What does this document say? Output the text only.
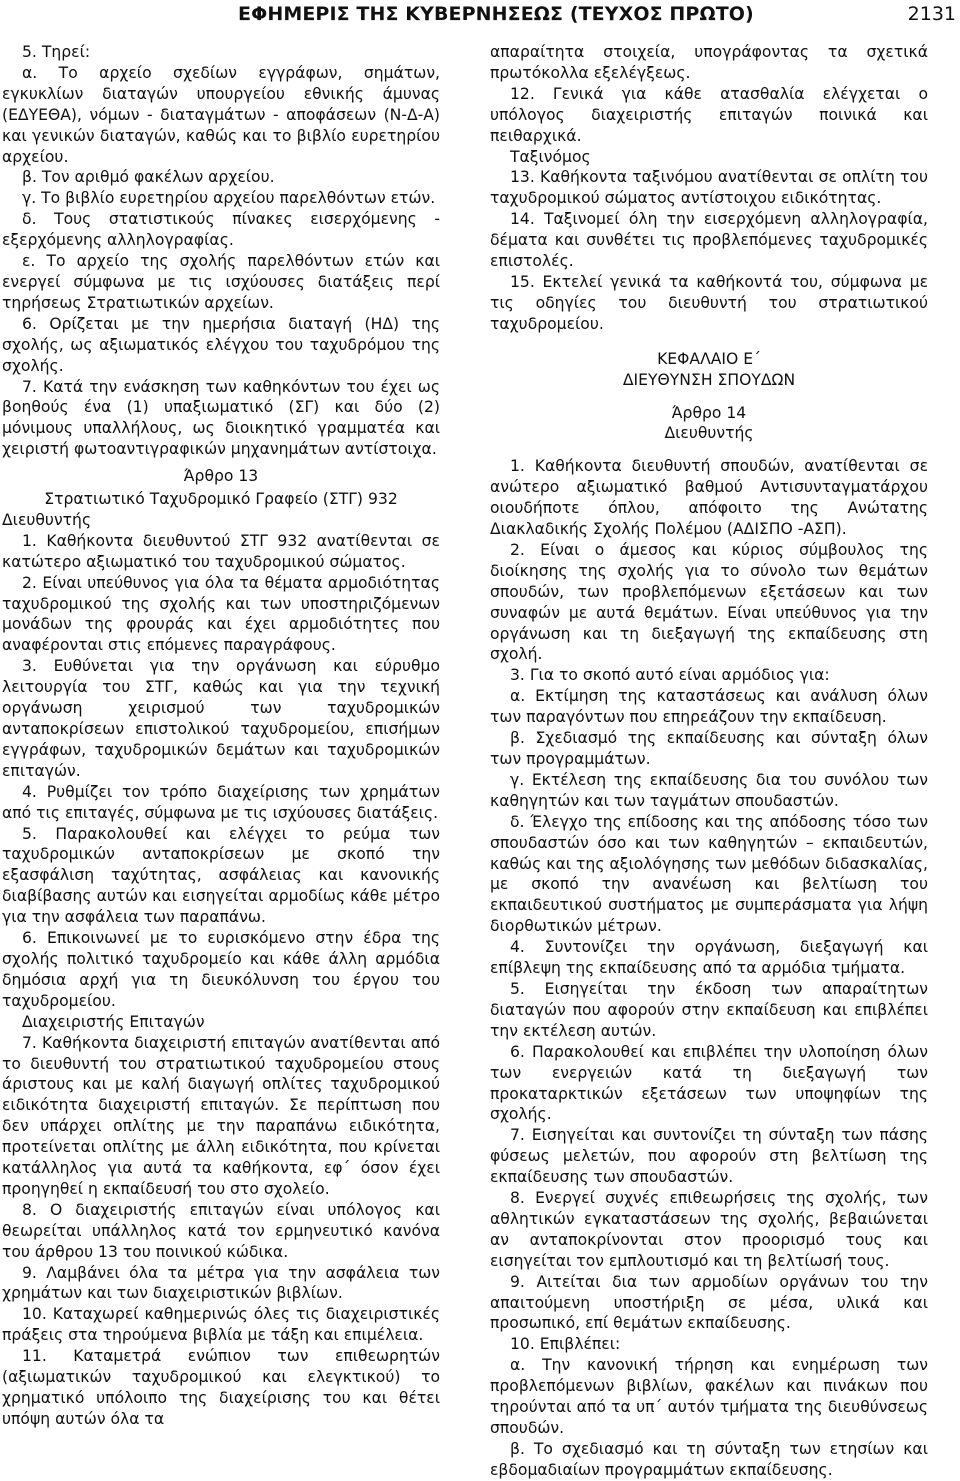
ΕΦΗΜΕΡΙΣ ΤΗΣ ΚΥΒΕΡΝΗΣΕΩΣ (ΤΕΥΧΟΣ ΠΡΩΤΟ)	2131

5. Τηρεί:

α. Το αρχείο σχεδίων εγγράφων, σημάτων, εγκυκλίων διαταγών υπουργείου εθνικής άμυνας (ΕΔΥΕΘΑ), νόμων - διαταγμάτων - αποφάσεων (Ν-Δ-Α) και γενικών διαταγών, καθώς και το βιβλίο ευρετηρίου αρχείου.

β. Τον αριθμό φακέλων αρχείου.

γ. Το βιβλίο ευρετηρίου αρχείου παρελθόντων ετών.

δ. Τους στατιστικούς πίνακες εισερχόμενης - εξερχόμενης αλληλογραφίας.

ε. Το αρχείο της σχολής παρελθόντων ετών και ενεργεί σύμφωνα με τις ισχύουσες διατάξεις περί τηρήσεως Στρατιωτικών αρχείων.

6. Ορίζεται με την ημερήσια διαταγή (ΗΔ) της σχολής, ως αξιωματικός ελέγχου του ταχυδρόμου της σχολής.

7. Κατά την ενάσκηση των καθηκόντων του έχει ως βοηθούς ένα (1) υπαξιωματικό (ΣΓ) και δύο (2) μόνιμους υπαλλήλους, ως διοικητικό γραμματέα και χειριστή φωτοαντιγραφικών μηχανημάτων αντίστοιχα.

Άρθρο 13

Στρατιωτικό Ταχυδρομικό Γραφείο (ΣΤΓ) 932

Διευθυντής

1. Καθήκοντα διευθυντού ΣΤΓ 932 ανατίθενται σε κατώτερο αξιωματικό του ταχυδρομικού σώματος.

2. Είναι υπεύθυνος για όλα τα θέματα αρμοδιότητας ταχυδρομικού της σχολής και των υποστηριζόμενων μονάδων της φρουράς και έχει αρμοδιότητες που αναφέρονται στις επόμενες παραγράφους.

3. Ευθύνεται για την οργάνωση και εύρυθμο λειτουργία του ΣΤΓ, καθώς και για την τεχνική οργάνωση χειρισμού των ταχυδρομικών ανταποκρίσεων επιστολικού ταχυδρομείου, επισήμων εγγράφων, ταχυδρομικών δεμάτων και ταχυδρομικών επιταγών.

4. Ρυθμίζει τον τρόπο διαχείρισης των χρημάτων από τις επιταγές, σύμφωνα με τις ισχύουσες διατάξεις.

5. Παρακολουθεί και ελέγχει το ρεύμα των ταχυδρομικών ανταποκρίσεων με σκοπό την εξασφάλιση ταχύτητας, ασφάλειας και κανονικής διαβίβασης αυτών και εισηγείται αρμοδίως κάθε μέτρο για την ασφάλεια των παραπάνω.

6. Επικοινωνεί με το ευρισκόμενο στην έδρα της σχολής πολιτικό ταχυδρομείο και κάθε άλλη αρμόδια δημόσια αρχή για τη διευκόλυνση του έργου του ταχυδρομείου.

Διαχειριστής Επιταγών

7. Καθήκοντα διαχειριστή επιταγών ανατίθενται από το διευθυντή του στρατιωτικού ταχυδρομείου στους άριστους και με καλή διαγωγή οπλίτες ταχυδρομικού ειδικότητα διαχειριστή επιταγών. Σε περίπτωση που δεν υπάρχει οπλίτης με την παραπάνω ειδικότητα, προτείνεται οπλίτης με άλλη ειδικότητα, που κρίνεται κατάλληλος για αυτά τα καθήκοντα, εφ΄ όσον έχει προηγηθεί η εκπαίδευσή του στο σχολείο.

8. Ο διαχειριστής επιταγών είναι υπόλογος και θεωρείται υπάλληλος κατά τον ερμηνευτικό κανόνα του άρθρου 13 του ποινικού κώδικα.

9. Λαμβάνει όλα τα μέτρα για την ασφάλεια των χρημάτων και των διαχειριστικών βιβλίων.

10. Καταχωρεί καθημερινώς όλες τις διαχειριστικές πράξεις στα τηρούμενα βιβλία με τάξη και επιμέλεια.

11. Καταμετρά ενώπιον των επιθεωρητών (αξιωματικών ταχυδρομικού και ελεγκτικού) το χρηματικό υπόλοιπο της διαχείρισης του και θέτει υπόψη αυτών όλα τα

απαραίτητα στοιχεία, υπογράφοντας τα σχετικά πρωτόκολλα εξελέγξεως.

12. Γενικά για κάθε ατασθαλία ελέγχεται ο υπόλογος διαχειριστής επιταγών ποινικά και πειθαρχικά.

Ταξινόμος

13. Καθήκοντα ταξινόμου ανατίθενται σε οπλίτη του ταχυδρομικού σώματος αντίστοιχου ειδικότητας.

14. Ταξινομεί όλη την εισερχόμενη αλληλογραφία, δέματα και συνθέτει τις προβλεπόμενες ταχυδρομικές επιστολές.

15. Εκτελεί γενικά τα καθήκοντά του, σύμφωνα με τις οδηγίες του διευθυντή του στρατιωτικού ταχυδρομείου.

ΚΕΦΑΛΑΙΟ Ε΄

ΔΙΕΥΘΥΝΣΗ ΣΠΟΥΔΩΝ

Άρθρο 14

Διευθυντής

1. Καθήκοντα διευθυντή σπουδών, ανατίθενται σε ανώτερο αξιωματικό βαθμού Αντισυνταγματάρχου οιουδήποτε όπλου, απόφοιτο της Ανώτατης Διακλαδικής Σχολής Πολέμου (ΑΔΙΣΠΟ -ΑΣΠ).

2. Είναι ο άμεσος και κύριος σύμβουλος της διοίκησης της σχολής για το σύνολο των θεμάτων σπουδών, των προβλεπόμενων εξετάσεων και των συναφών με αυτά θεμάτων. Είναι υπεύθυνος για την οργάνωση και τη διεξαγωγή της εκπαίδευσης στη σχολή.

3. Για το σκοπό αυτό είναι αρμόδιος για:

α. Εκτίμηση της καταστάσεως και ανάλυση όλων των παραγόντων που επηρεάζουν την εκπαίδευση.

β. Σχεδιασμό της εκπαίδευσης και σύνταξη όλων των προγραμμάτων.

γ. Εκτέλεση της εκπαίδευσης δια του συνόλου των καθηγητών και των ταγμάτων σπουδαστών.

δ. Έλεγχο της επίδοσης και της απόδοσης τόσο των σπουδαστών όσο και των καθηγητών – εκπαιδευτών, καθώς και της αξιολόγησης των μεθόδων διδασκαλίας, με σκοπό την ανανέωση και βελτίωση του εκπαιδευτικού συστήματος με συμπεράσματα για λήψη διορθωτικών μέτρων.

4. Συντονίζει την οργάνωση, διεξαγωγή και επίβλεψη της εκπαίδευσης από τα αρμόδια τμήματα.

5. Εισηγείται την έκδοση των απαραίτητων διαταγών που αφορούν στην εκπαίδευση και επιβλέπει την εκτέλεση αυτών.

6. Παρακολουθεί και επιβλέπει την υλοποίηση όλων των ενεργειών κατά τη διεξαγωγή των προκαταρκτικών εξετάσεων των υποψηφίων της σχολής.

7. Εισηγείται και συντονίζει τη σύνταξη των πάσης φύσεως μελετών, που αφορούν στη βελτίωση της εκπαίδευσης των σπουδαστών.

8. Ενεργεί συχνές επιθεωρήσεις της σχολής, των αθλητικών εγκαταστάσεων της σχολής, βεβαιώνεται αν ανταποκρίνονται στον προορισμό τους και εισηγείται τον εμπλουτισμό και τη βελτίωσή τους.

9. Αιτείται δια των αρμοδίων οργάνων του την απαιτούμενη υποστήριξη σε μέσα, υλικά και προσωπικό, επί θεμάτων εκπαίδευσης.

10. Επιβλέπει:

α. Την κανονική τήρηση και ενημέρωση των προβλεπόμενων βιβλίων, φακέλων και πινάκων που τηρούνται από τα υπ΄ αυτόν τμήματα της διευθύνσεως σπουδών.

β. Το σχεδιασμό και τη σύνταξη των ετησίων και εβδομαδιαίων προγραμμάτων εκπαίδευσης.
